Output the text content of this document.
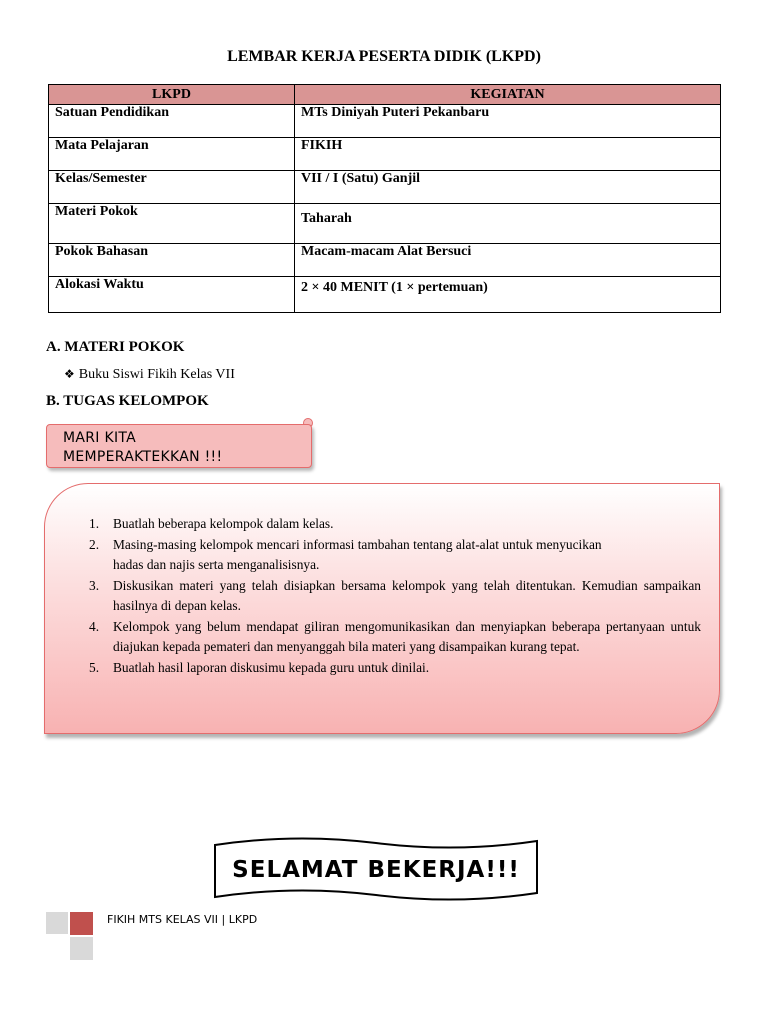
LEMBAR KERJA PESERTA DIDIK (LKPD)
LKPD	KEGIATAN
Satuan Pendidikan	MTs Diniyah Puteri Pekanbaru
Mata Pelajaran	FIKIH
Kelas/Semester	VII / I (Satu) Ganjil
Materi Pokok	Taharah
Pokok Bahasan	Macam-macam Alat Bersuci
Alokasi Waktu	2 × 40 MENIT (1 × pertemuan)
A. MATERI POKOK
❖ Buku Siswi Fikih Kelas VII
B. TUGAS KELOMPOK
MARI KITA
MEMPERAKTEKKAN !!!
1. Buatlah beberapa kelompok dalam kelas.
2. Masing-masing kelompok mencari informasi tambahan tentang alat-alat untuk menyucikan hadas dan najis serta menganalisisnya.
3. Diskusikan materi yang telah disiapkan bersama kelompok yang telah ditentukan. Kemudian sampaikan hasilnya di depan kelas.
4. Kelompok yang belum mendapat giliran mengomunikasikan dan menyiapkan beberapa pertanyaan untuk diajukan kepada pemateri dan menyanggah bila materi yang disampaikan kurang tepat.
5. Buatlah hasil laporan diskusimu kepada guru untuk dinilai.
SELAMAT BEKERJA!!!
FIKIH MTS KELAS VII | LKPD
